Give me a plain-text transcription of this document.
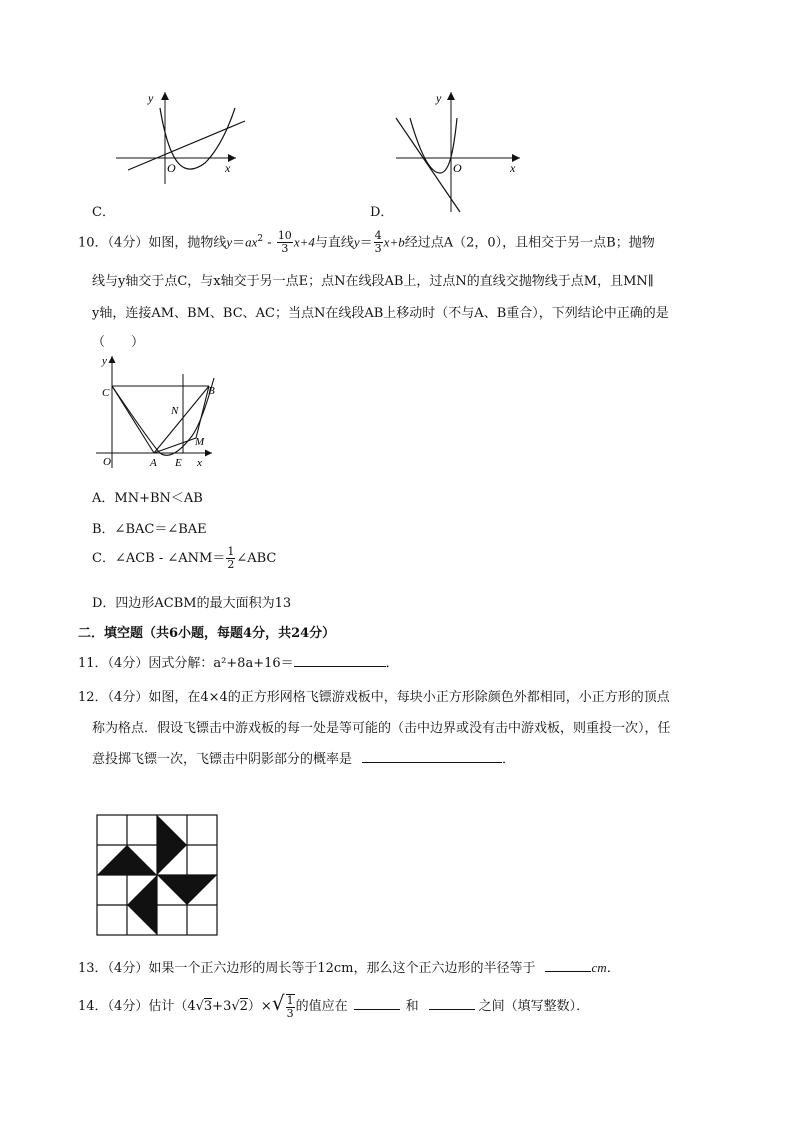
y
x
O
C．
y
x
O
D．
10．（4分）如图，抛物线$y=ax^2 - \frac{10}{3} x+4$与直线$y= \frac{4}{3} x+b$经过点A（2，0），且相交于另一点B；抛物
线与y轴交于点C，与x轴交于另一点E；点N在线段AB上，过点N的直线交抛物线于点M，且MN∥
y轴，连接AM、BM、BC、AC；当点N在线段AB上移动时（不与A、B重合），下列结论中正确的是
（　　）
y
C	B
N
M
O	A E x
A．MN+BN＜AB
B．∠BAC＝∠BAE
C．∠ACB - ∠ANM＝ $\frac{1}{2}$ ∠ABC
D．四边形ACBM的最大面积为13
二．填空题（共6小题，每题4分，共24分）
11．（4分）因式分解：a²+8a+16＝	．
12．（4分）如图，在4×4的正方形网格飞镖游戏板中，每块小正方形除颜色外都相同，小正方形的顶点
称为格点．假设飞镖击中游戏板的每一处是等可能的（击中边界或没有击中游戏板，则重投一次），任
意投掷飞镖一次，飞镖击中阴影部分的概率是	．
13．（4分）如果一个正六边形的周长等于12cm，那么这个正六边形的半径等于	cm．
14．（4分）估计$(4√3+3√2)\times√ \frac{1}{3}$ 的值应在	和	之间（填写整数）．
